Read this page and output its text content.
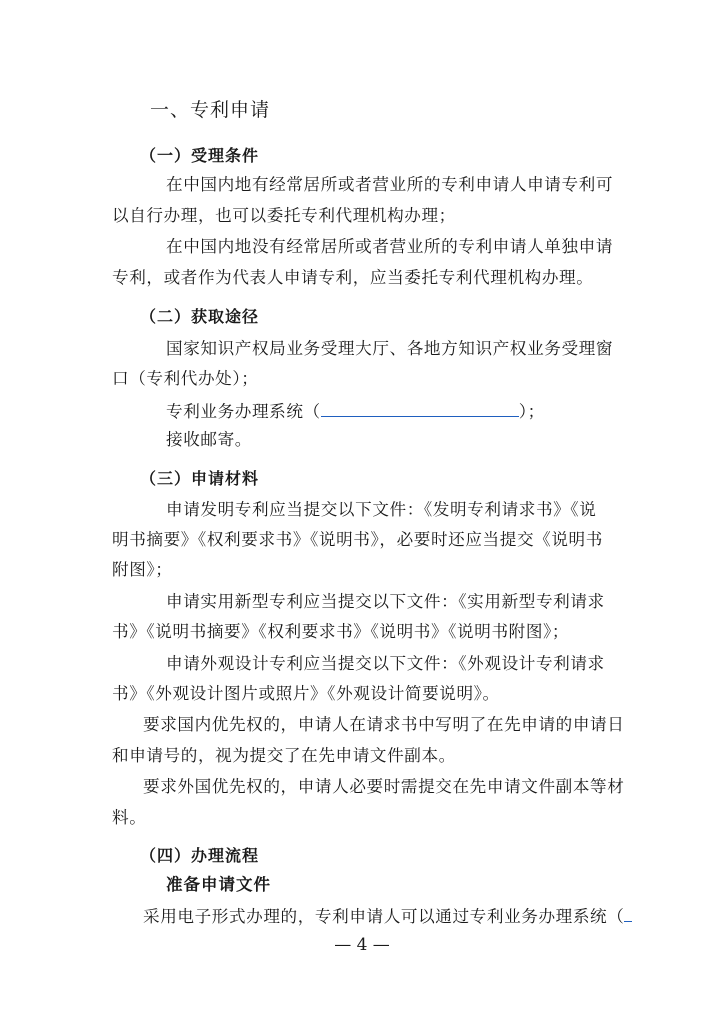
一、专利申请
（一）受理条件
在中国内地有经常居所或者营业所的专利申请人申请专利可
以自行办理，也可以委托专利代理机构办理；
在中国内地没有经常居所或者营业所的专利申请人单独申请
专利，或者作为代表人申请专利，应当委托专利代理机构办理。
（二）获取途径
国家知识产权局业务受理大厅、各地方知识产权业务受理窗
口（专利代办处）；
专利业务办理系统（	）；
接收邮寄。
（三）申请材料
申请发明专利应当提交以下文件：《发明专利请求书》《说
明书摘要》《权利要求书》《说明书》，必要时还应当提交《说明书
附图》；
申请实用新型专利应当提交以下文件：《实用新型专利请求
书》《说明书摘要》《权利要求书》《说明书》《说明书附图》；
申请外观设计专利应当提交以下文件：《外观设计专利请求
书》《外观设计图片或照片》《外观设计简要说明》。
要求国内优先权的，申请人在请求书中写明了在先申请的申请日
和申请号的，视为提交了在先申请文件副本。
要求外国优先权的，申请人必要时需提交在先申请文件副本等材
料。
（四）办理流程
准备申请文件
采用电子形式办理的，专利申请人可以通过专利业务办理系统（
— 4 —
